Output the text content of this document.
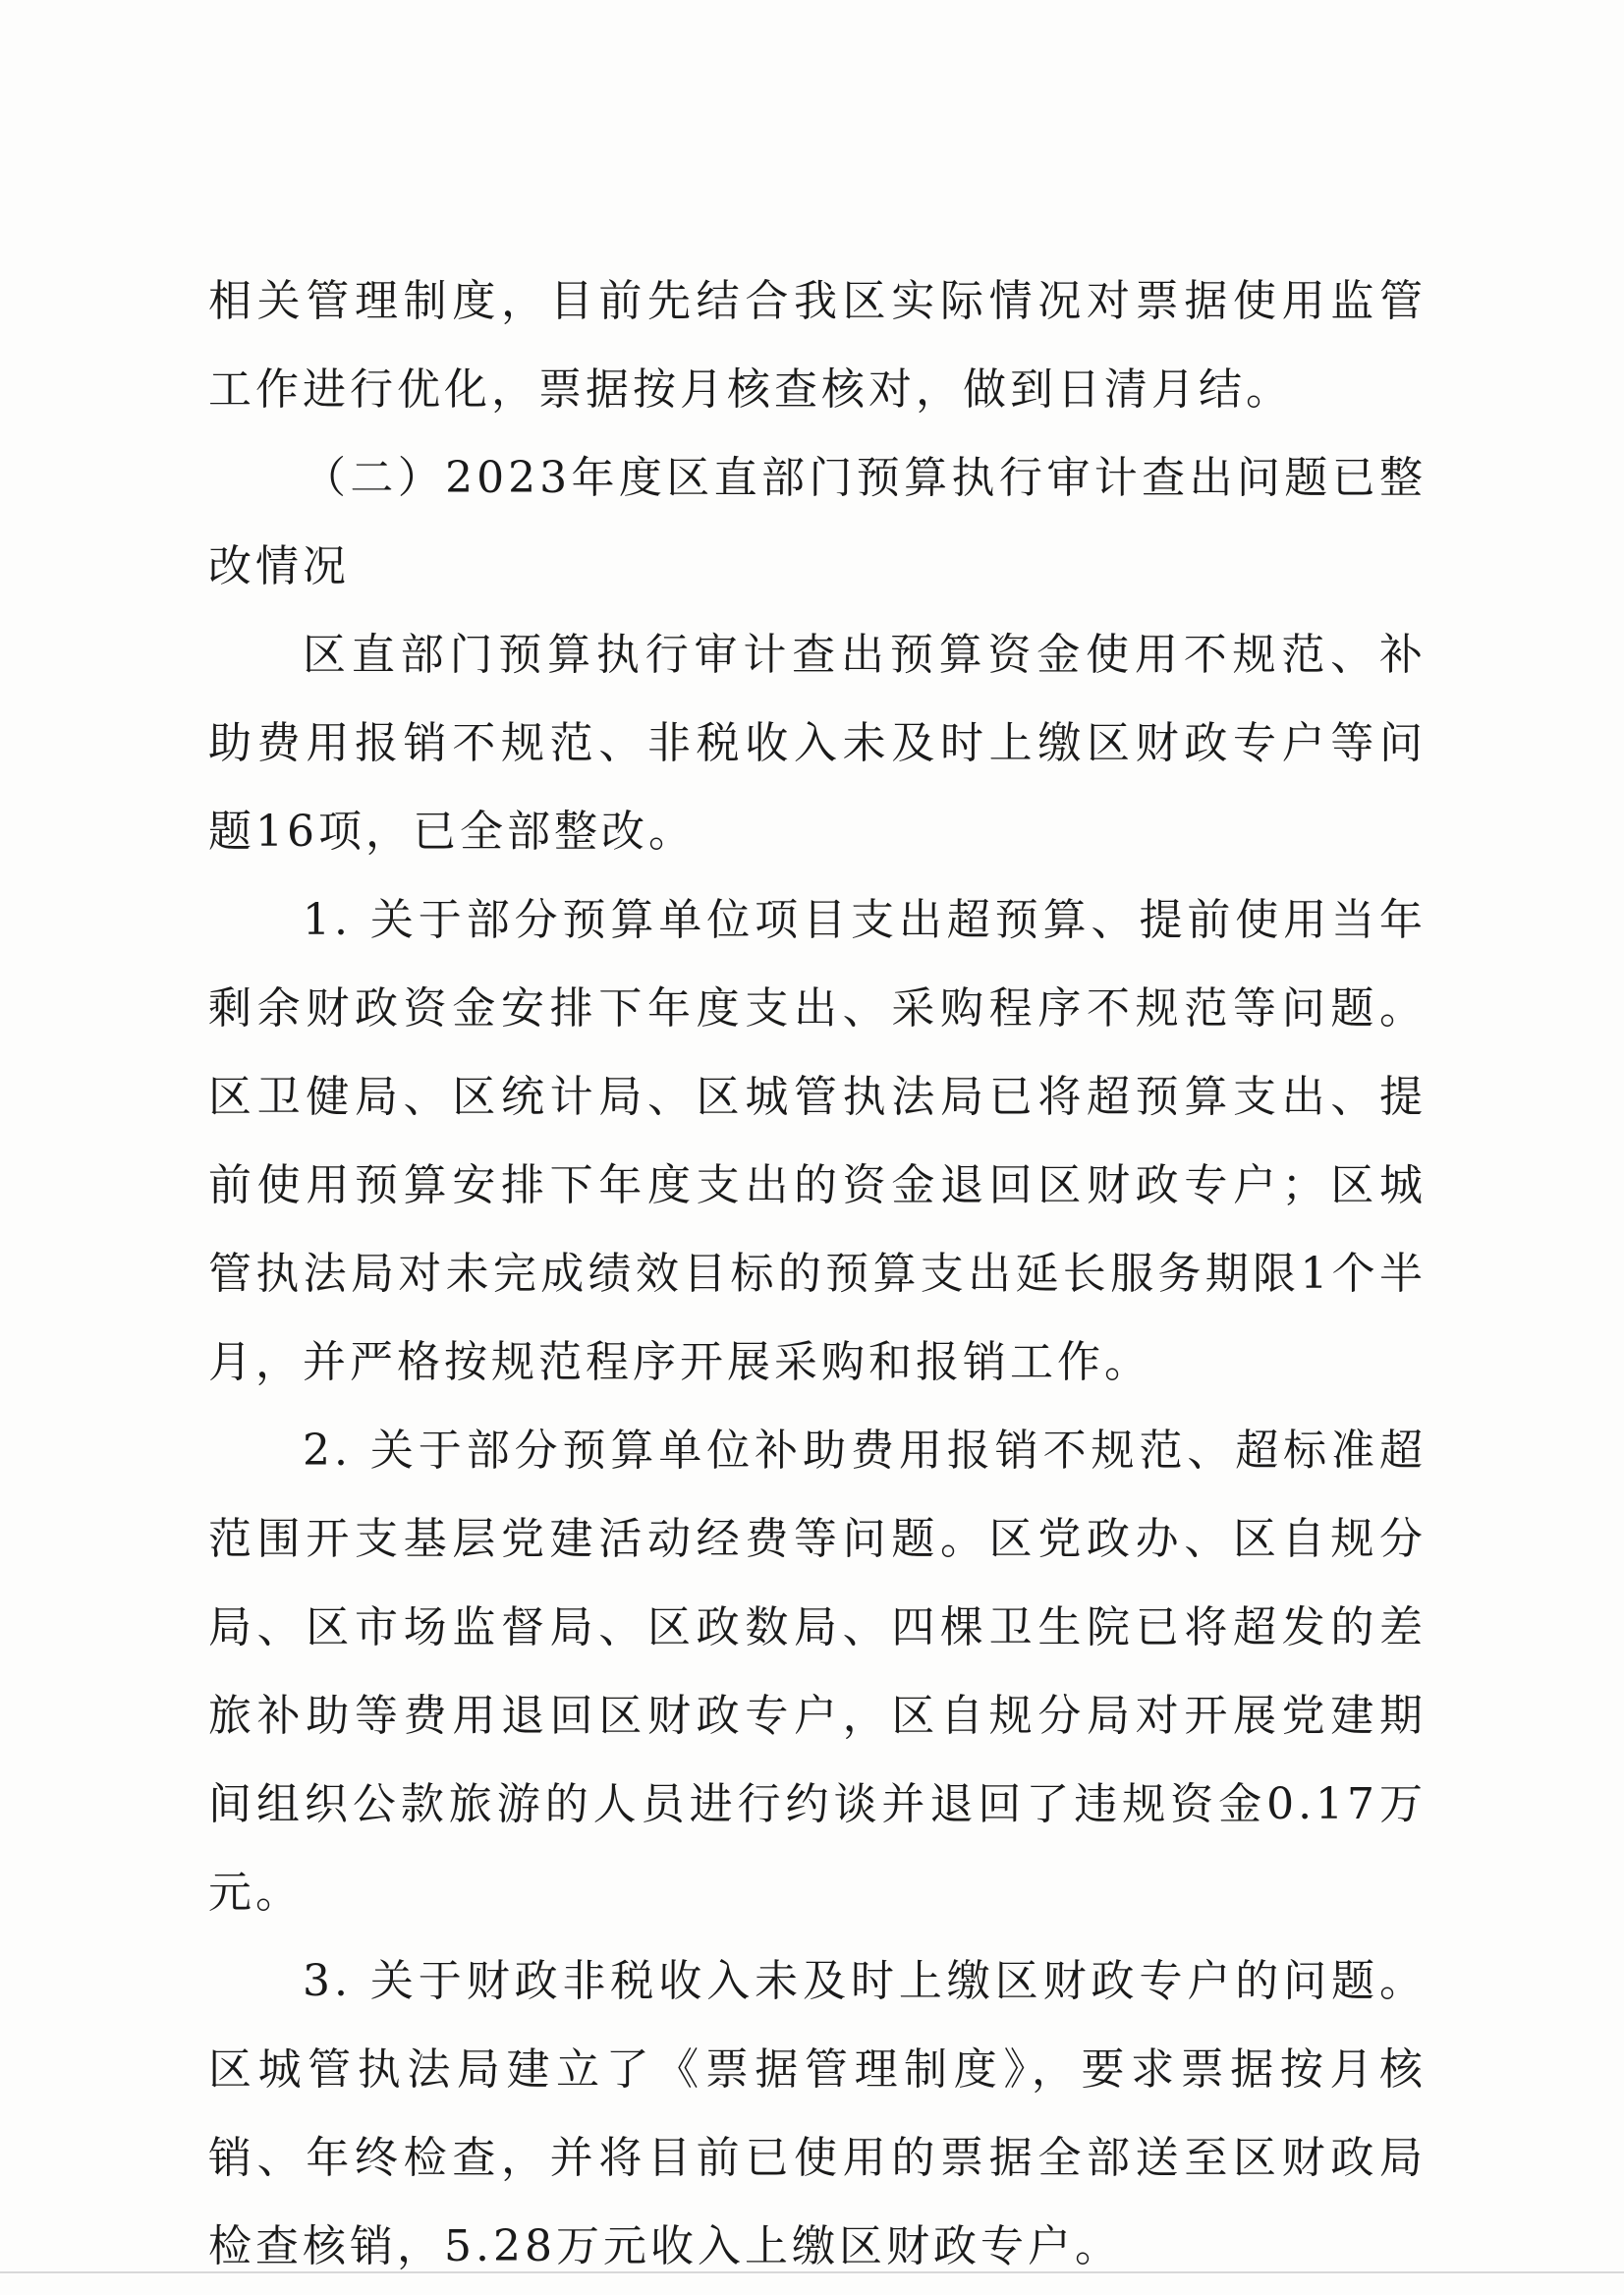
相关管理制度，目前先结合我区实际情况对票据使用监管工作进行优化，票据按月核查核对，做到日清月结。

（二）2023年度区直部门预算执行审计查出问题已整改情况

区直部门预算执行审计查出预算资金使用不规范、补助费用报销不规范、非税收入未及时上缴区财政专户等问题16项，已全部整改。

1. 关于部分预算单位项目支出超预算、提前使用当年剩余财政资金安排下年度支出、采购程序不规范等问题。区卫健局、区统计局、区城管执法局已将超预算支出、提前使用预算安排下年度支出的资金退回区财政专户；区城管执法局对未完成绩效目标的预算支出延长服务期限1个半月，并严格按规范程序开展采购和报销工作。

2. 关于部分预算单位补助费用报销不规范、超标准超范围开支基层党建活动经费等问题。区党政办、区自规分局、区市场监督局、区政数局、四棵卫生院已将超发的差旅补助等费用退回区财政专户，区自规分局对开展党建期间组织公款旅游的人员进行约谈并退回了违规资金0.17万元。

3. 关于财政非税收入未及时上缴区财政专户的问题。区城管执法局建立了《票据管理制度》，要求票据按月核销、年终检查，并将目前已使用的票据全部送至区财政局检查核销，5.28万元收入上缴区财政专户。
